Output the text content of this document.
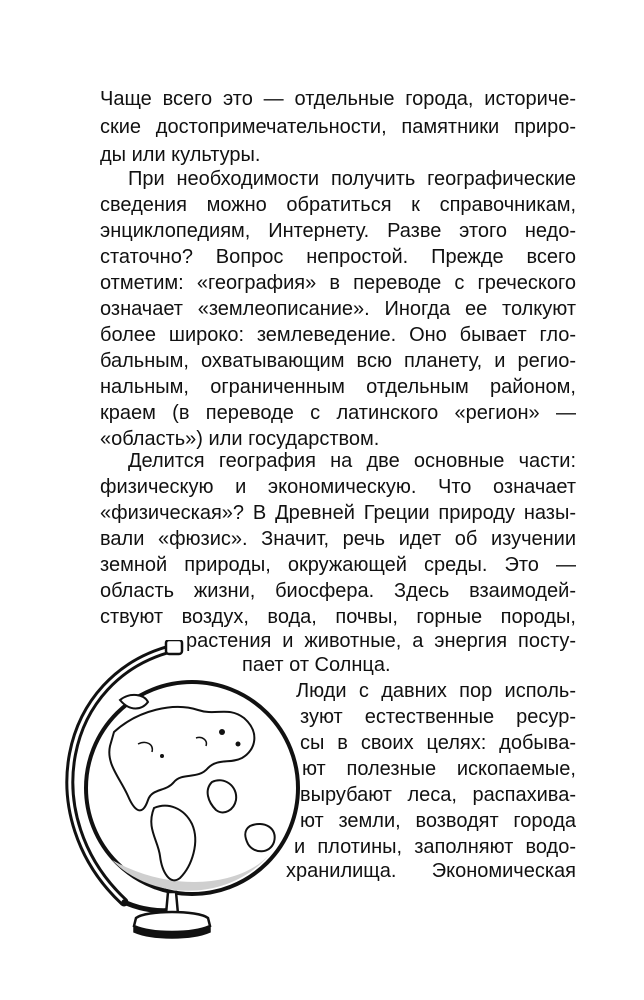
Чаще всего это — отдельные города, историче-
ские достопримечательности, памятники приро-
ды или культуры.
При необходимости получить географические
сведения можно обратиться к справочникам,
энциклопедиям, Интернету. Разве этого недо-
статочно? Вопрос непростой. Прежде всего
отметим: «география» в переводе с греческого
означает «землеописание». Иногда ее толкуют
более широко: землеведение. Оно бывает гло-
бальным, охватывающим всю планету, и регио-
нальным, ограниченным отдельным районом,
краем (в переводе с латинского «регион» —
«область») или государством.
Делится география на две основные части:
физическую и экономическую. Что означает
«физическая»? В Древней Греции природу назы-
вали «фюзис». Значит, речь идет об изучении
земной природы, окружающей среды. Это —
область жизни, биосфера. Здесь взаимодей-
ствуют воздух, вода, почвы, горные породы,
растения и животные, а энергия посту-
пает от Солнца.
Люди с давних пор исполь-
зуют естественные ресур-
сы в своих целях: добыва-
ют полезные ископаемые,
вырубают леса, распахива-
ют земли, возводят города
и плотины, заполняют водо-
хранилища. Экономическая
